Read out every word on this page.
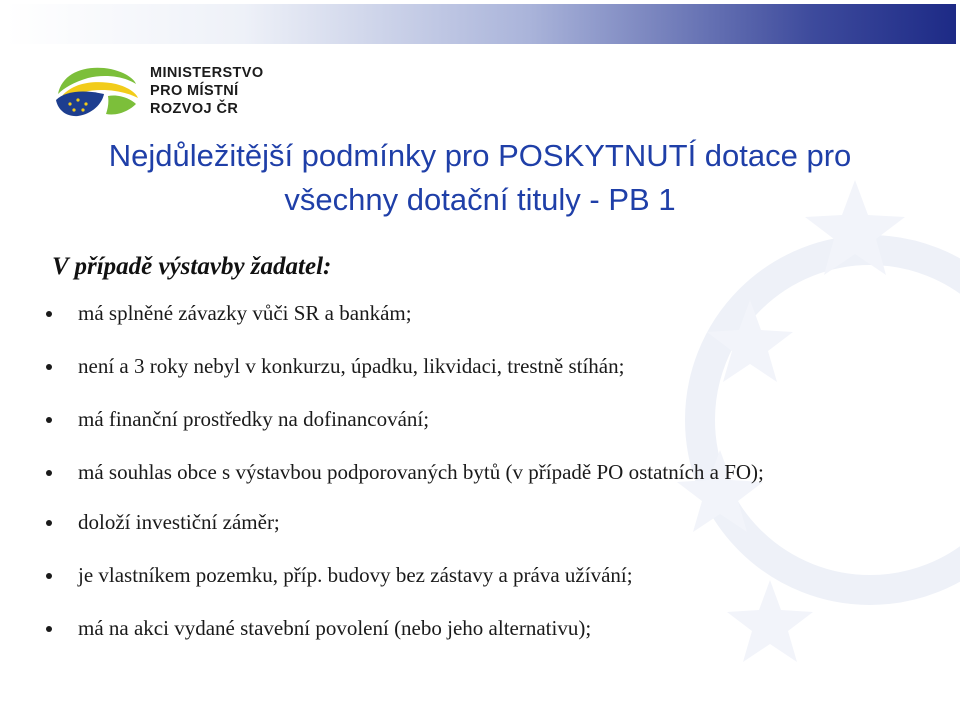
MINISTERSTVO
PRO MÍSTNÍ
ROZVOJ ČR
Nejdůležitější podmínky pro POSKYTNUTÍ dotace pro
všechny dotační tituly - PB 1
V případě výstavby žadatel:
má splněné závazky vůči SR a bankám;
není a 3 roky nebyl v konkurzu, úpadku, likvidaci, trestně stíhán;
má finanční prostředky na dofinancování;
má souhlas obce s výstavbou podporovaných bytů (v případě PO ostatních a FO);
doloží investiční záměr;
je vlastníkem pozemku, příp. budovy bez zástavy a práva užívání;
má na akci vydané stavební povolení (nebo jeho alternativu);
